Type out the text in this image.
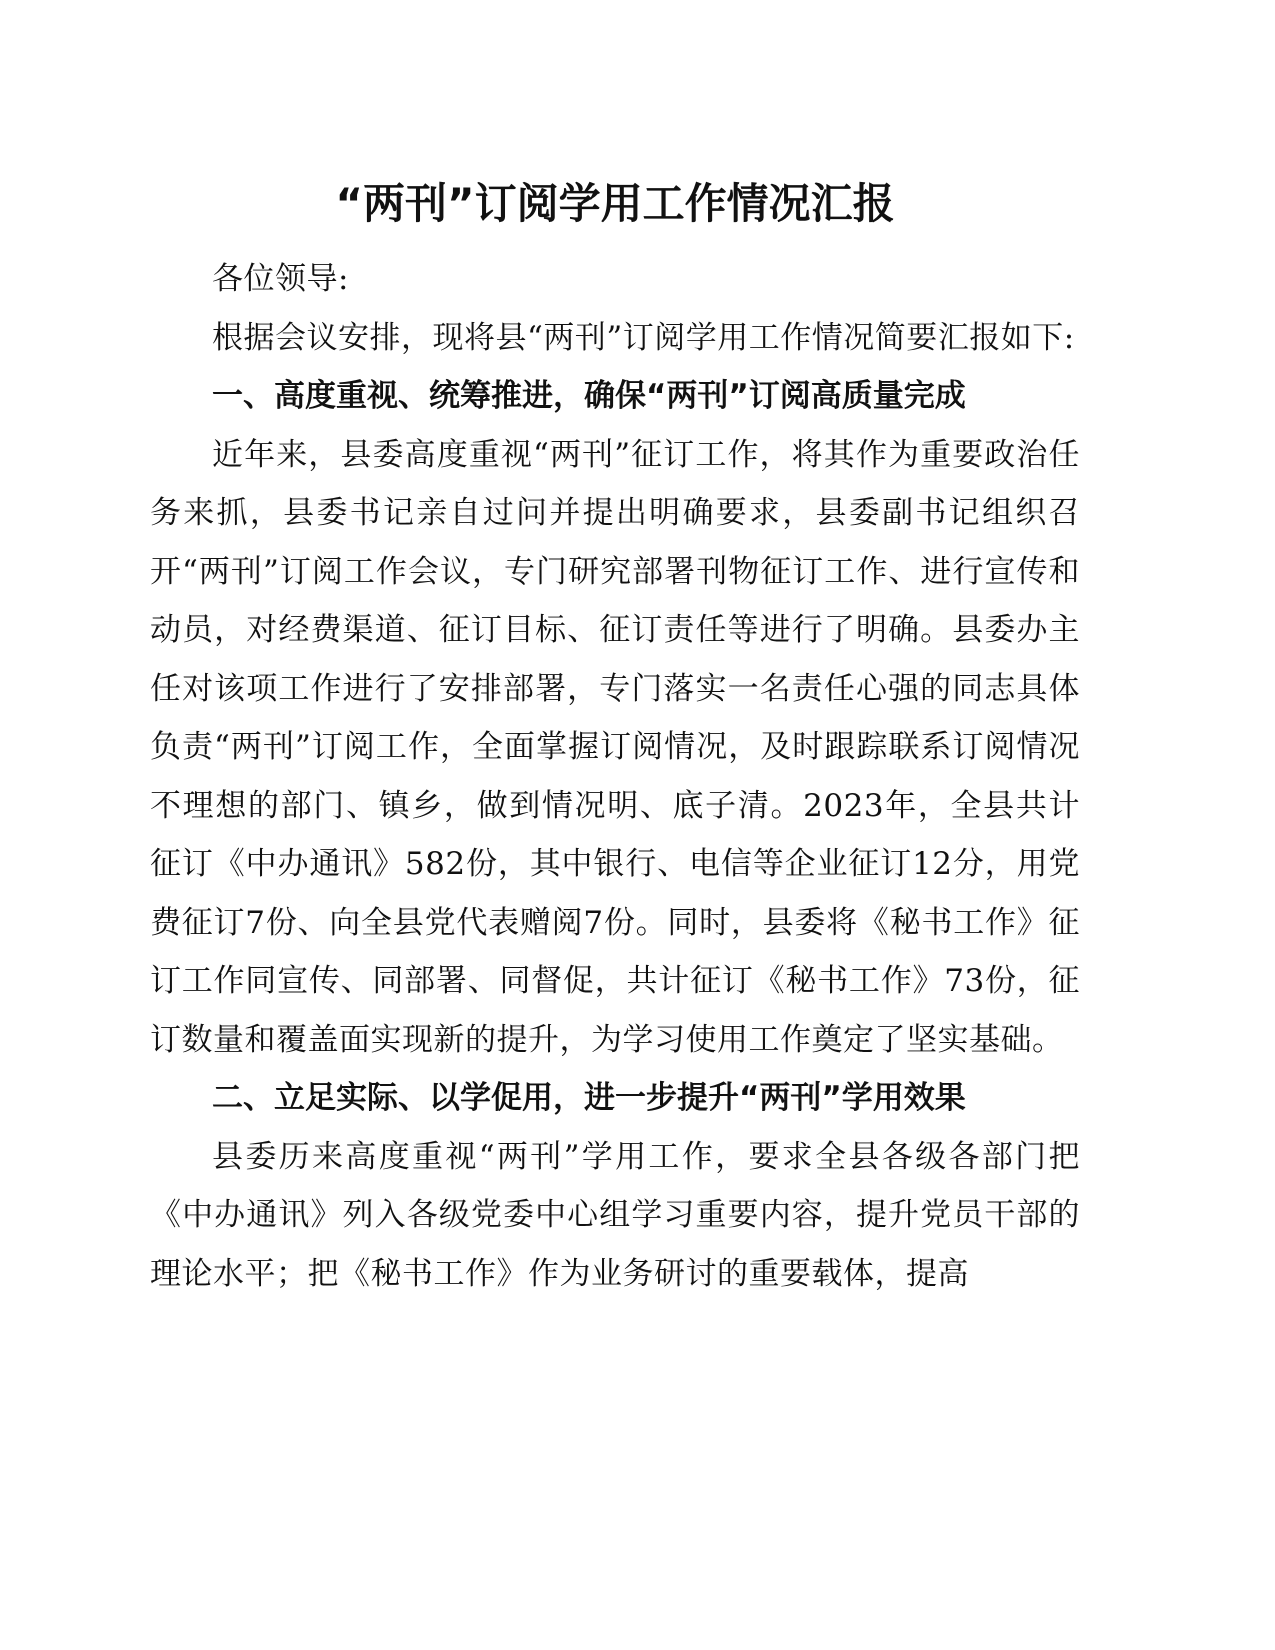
“两刊”订阅学用工作情况汇报

各位领导:

根据会议安排，现将县“两刊”订阅学用工作情况简要汇报如下:

一、高度重视、统筹推进，确保“两刊”订阅高质量完成

近年来，县委高度重视“两刊”征订工作，将其作为重要政治任务来抓，县委书记亲自过问并提出明确要求，县委副书记组织召开“两刊”订阅工作会议，专门研究部署刊物征订工作、进行宣传和动员，对经费渠道、征订目标、征订责任等进行了明确。县委办主任对该项工作进行了安排部署，专门落实一名责任心强的同志具体负责“两刊”订阅工作，全面掌握订阅情况，及时跟踪联系订阅情况不理想的部门、镇乡，做到情况明、底子清。2023年，全县共计征订《中办通讯》582份，其中银行、电信等企业征订12分，用党费征订7份、向全县党代表赠阅7份。同时，县委将《秘书工作》征订工作同宣传、同部署、同督促，共计征订《秘书工作》73份，征订数量和覆盖面实现新的提升，为学习使用工作奠定了坚实基础。

二、立足实际、以学促用，进一步提升“两刊”学用效果

县委历来高度重视“两刊”学用工作，要求全县各级各部门把《中办通讯》列入各级党委中心组学习重要内容，提升党员干部的理论水平；把《秘书工作》作为业务研讨的重要载体，提高
